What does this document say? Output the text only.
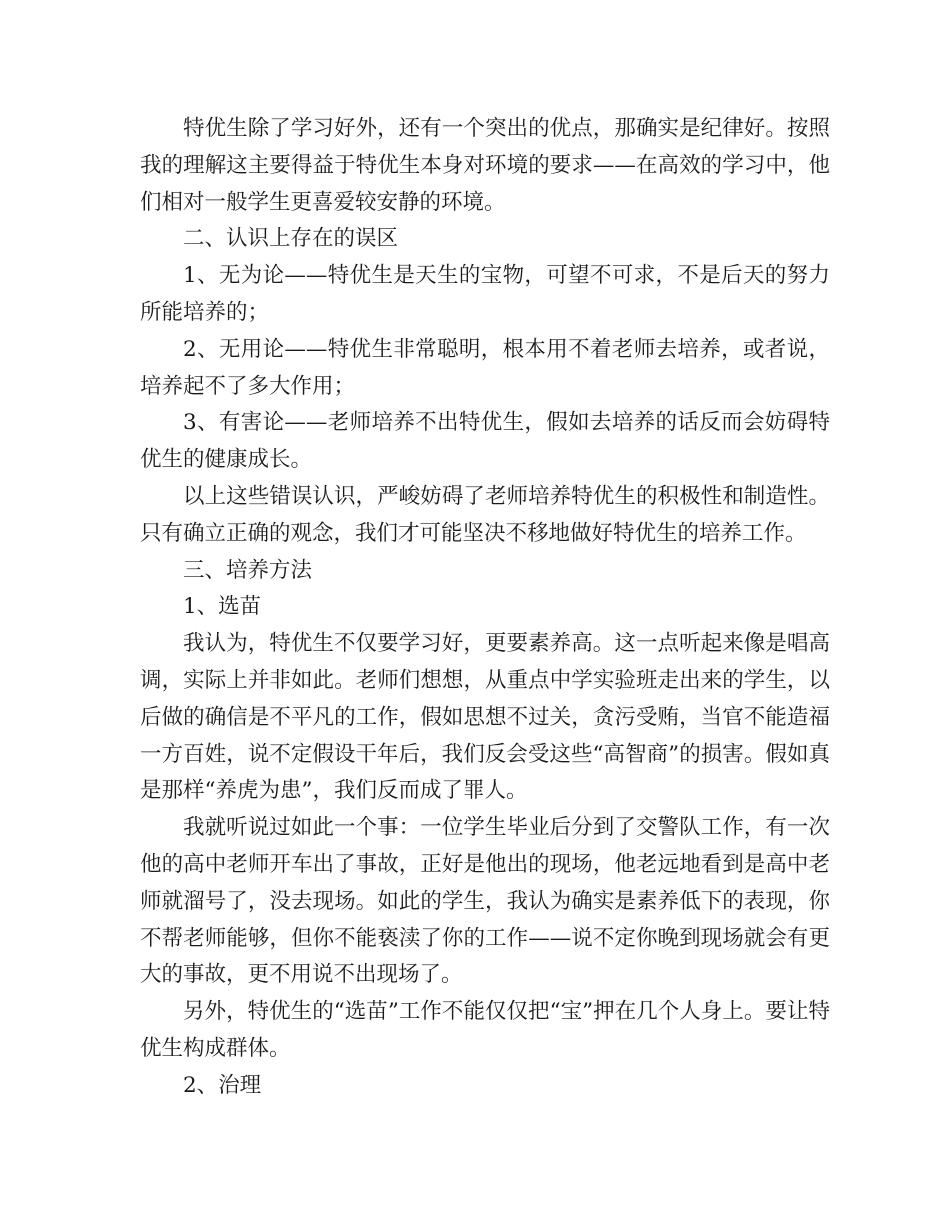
特优生除了学习好外，还有一个突出的优点，那确实是纪律好。按照我的理解这主要得益于特优生本身对环境的要求——在高效的学习中，他们相对一般学生更喜爱较安静的环境。

二、认识上存在的误区

1、无为论——特优生是天生的宝物，可望不可求，不是后天的努力所能培养的；

2、无用论——特优生非常聪明，根本用不着老师去培养，或者说，培养起不了多大作用；

3、有害论——老师培养不出特优生，假如去培养的话反而会妨碍特优生的健康成长。

以上这些错误认识，严峻妨碍了老师培养特优生的积极性和制造性。只有确立正确的观念，我们才可能坚决不移地做好特优生的培养工作。

三、培养方法

1、选苗

我认为，特优生不仅要学习好，更要素养高。这一点听起来像是唱高调，实际上并非如此。老师们想想，从重点中学实验班走出来的学生，以后做的确信是不平凡的工作，假如思想不过关，贪污受贿，当官不能造福一方百姓，说不定假设干年后，我们反会受这些“高智商”的损害。假如真是那样“养虎为患”，我们反而成了罪人。

我就听说过如此一个事：一位学生毕业后分到了交警队工作，有一次他的高中老师开车出了事故，正好是他出的现场，他老远地看到是高中老师就溜号了，没去现场。如此的学生，我认为确实是素养低下的表现，你不帮老师能够，但你不能亵渎了你的工作——说不定你晚到现场就会有更大的事故，更不用说不出现场了。

另外，特优生的“选苗”工作不能仅仅把“宝”押在几个人身上。要让特优生构成群体。

2、治理
